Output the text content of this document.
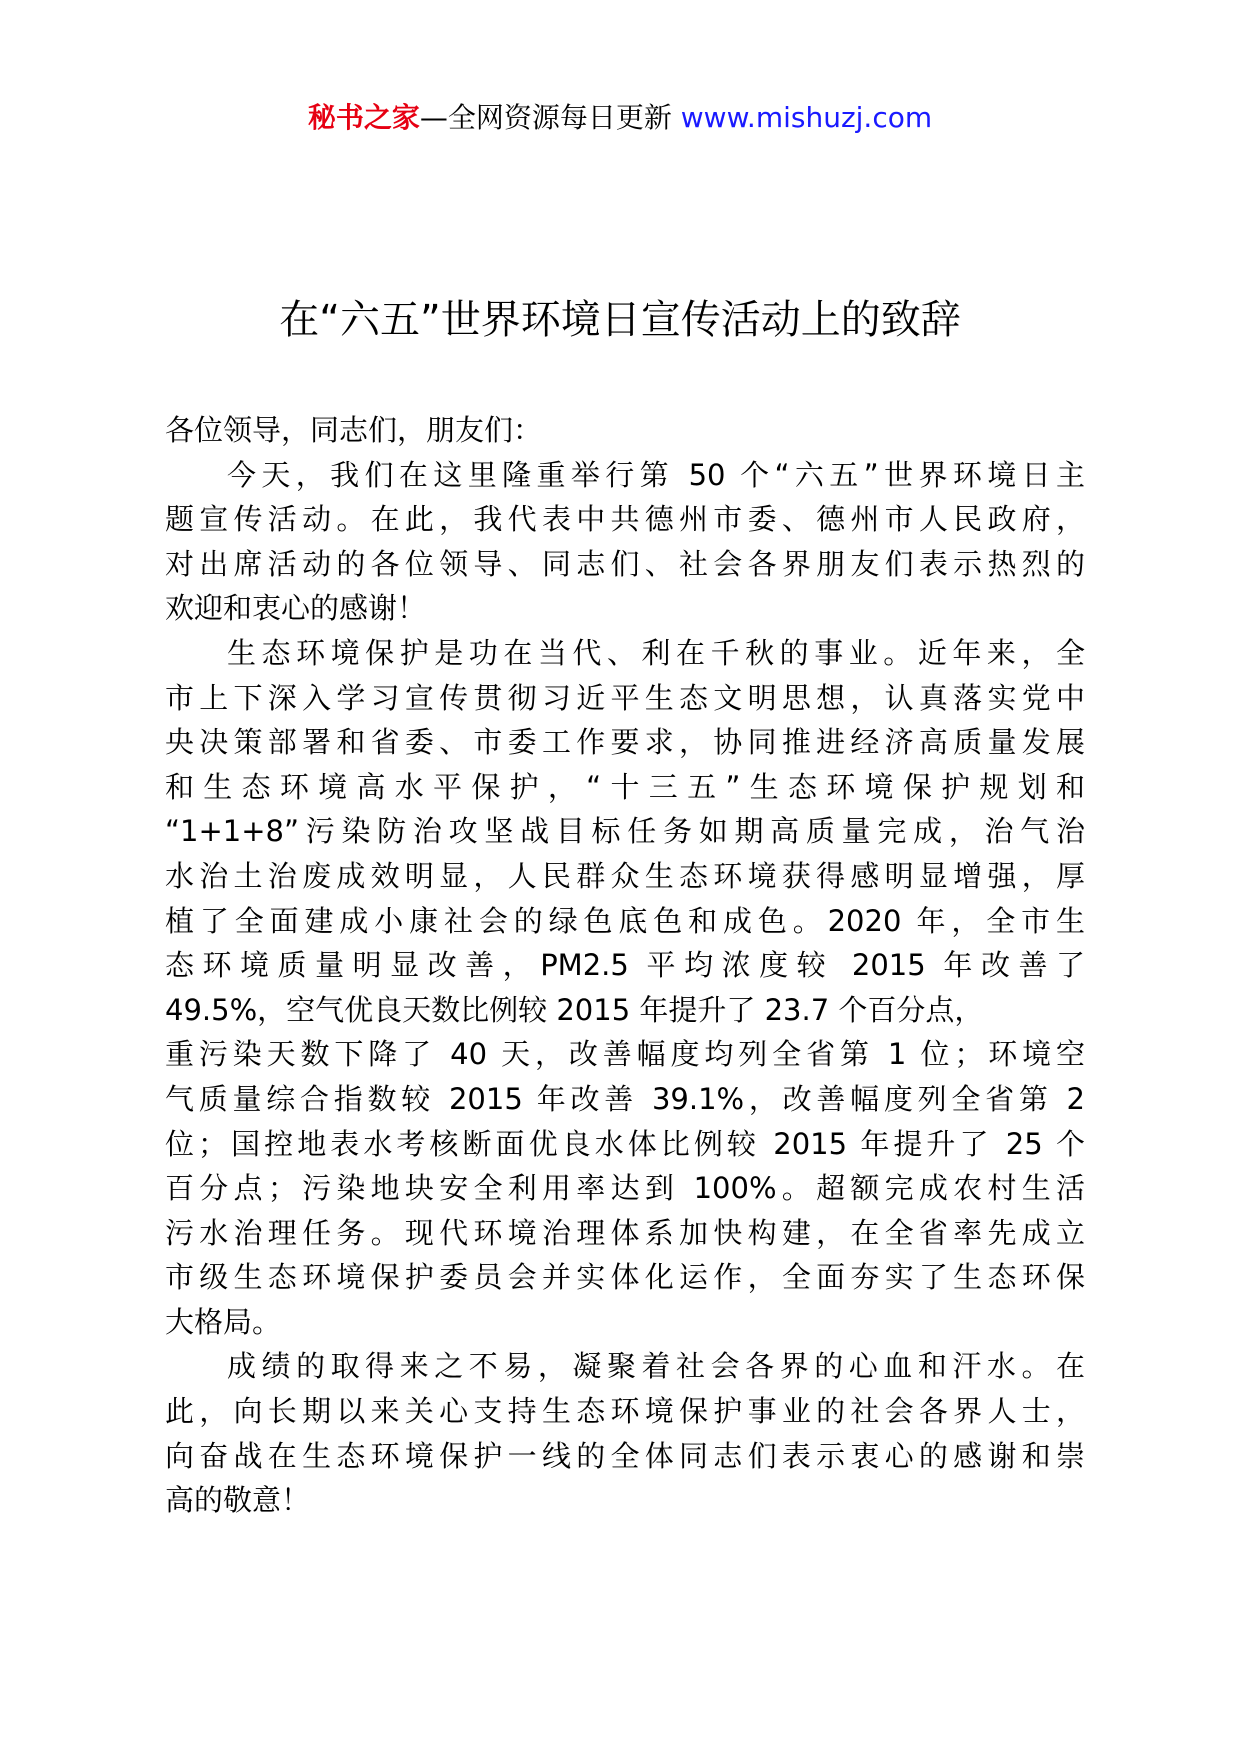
秘书之家—全网资源每日更新 www.mishuzj.com
在“六五”世界环境日宣传活动上的致辞
各位领导，同志们，朋友们：
今天，我们在这里隆重举行第 50 个“六五”世界环境日主
题宣传活动。在此，我代表中共德州市委、德州市人民政府，
对出席活动的各位领导、同志们、社会各界朋友们表示热烈的
欢迎和衷心的感谢！
生态环境保护是功在当代、利在千秋的事业。近年来，全
市上下深入学习宣传贯彻习近平生态文明思想，认真落实党中
央决策部署和省委、市委工作要求，协同推进经济高质量发展
和生态环境高水平保护，“十三五”生态环境保护规划和
“1+1+8”污染防治攻坚战目标任务如期高质量完成，治气治
水治土治废成效明显，人民群众生态环境获得感明显增强，厚
植了全面建成小康社会的绿色底色和成色。2020 年，全市生
态环境质量明显改善，PM2.5 平均浓度较 2015 年改善了
49.5%，空气优良天数比例较 2015 年提升了 23.7 个百分点，
重污染天数下降了 40 天，改善幅度均列全省第 1 位；环境空
气质量综合指数较 2015 年改善 39.1%，改善幅度列全省第 2
位；国控地表水考核断面优良水体比例较 2015 年提升了 25 个
百分点；污染地块安全利用率达到 100%。超额完成农村生活
污水治理任务。现代环境治理体系加快构建，在全省率先成立
市级生态环境保护委员会并实体化运作，全面夯实了生态环保
大格局。
成绩的取得来之不易，凝聚着社会各界的心血和汗水。在
此，向长期以来关心支持生态环境保护事业的社会各界人士，
向奋战在生态环境保护一线的全体同志们表示衷心的感谢和崇
高的敬意！
